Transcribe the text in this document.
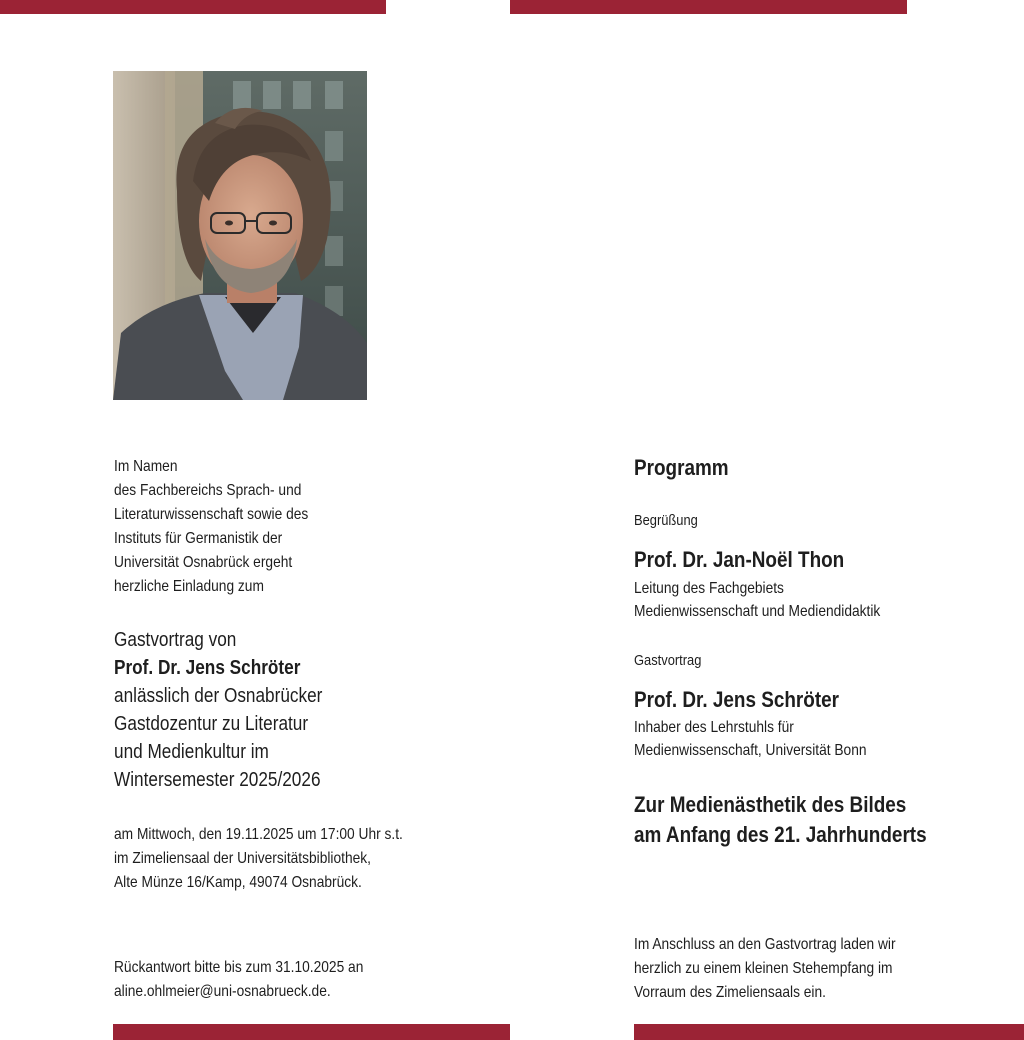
Im Namen
des Fachbereichs Sprach- und
Literaturwissenschaft sowie des
Instituts für Germanistik der
Universität Osnabrück ergeht
herzliche Einladung zum
Gastvortrag von
Prof. Dr. Jens Schröter
anlässlich der Osnabrücker
Gastdozentur zu Literatur
und Medienkultur im
Wintersemester 2025/2026
am Mittwoch, den 19.11.2025 um 17:00 Uhr s.t.
im Zimeliensaal der Universitätsbibliothek,
Alte Münze 16/Kamp, 49074 Osnabrück.
Rückantwort bitte bis zum 31.10.2025 an
aline.ohlmeier@uni-osnabrueck.de.
Programm
Begrüßung
Prof. Dr. Jan-Noël Thon
Leitung des Fachgebiets
Medienwissenschaft und Mediendidaktik
Gastvortrag
Prof. Dr. Jens Schröter
Inhaber des Lehrstuhls für
Medienwissenschaft, Universität Bonn
Zur Medienästhetik des Bildes
am Anfang des 21. Jahrhunderts
Im Anschluss an den Gastvortrag laden wir
herzlich zu einem kleinen Stehempfang im
Vorraum des Zimeliensaals ein.
